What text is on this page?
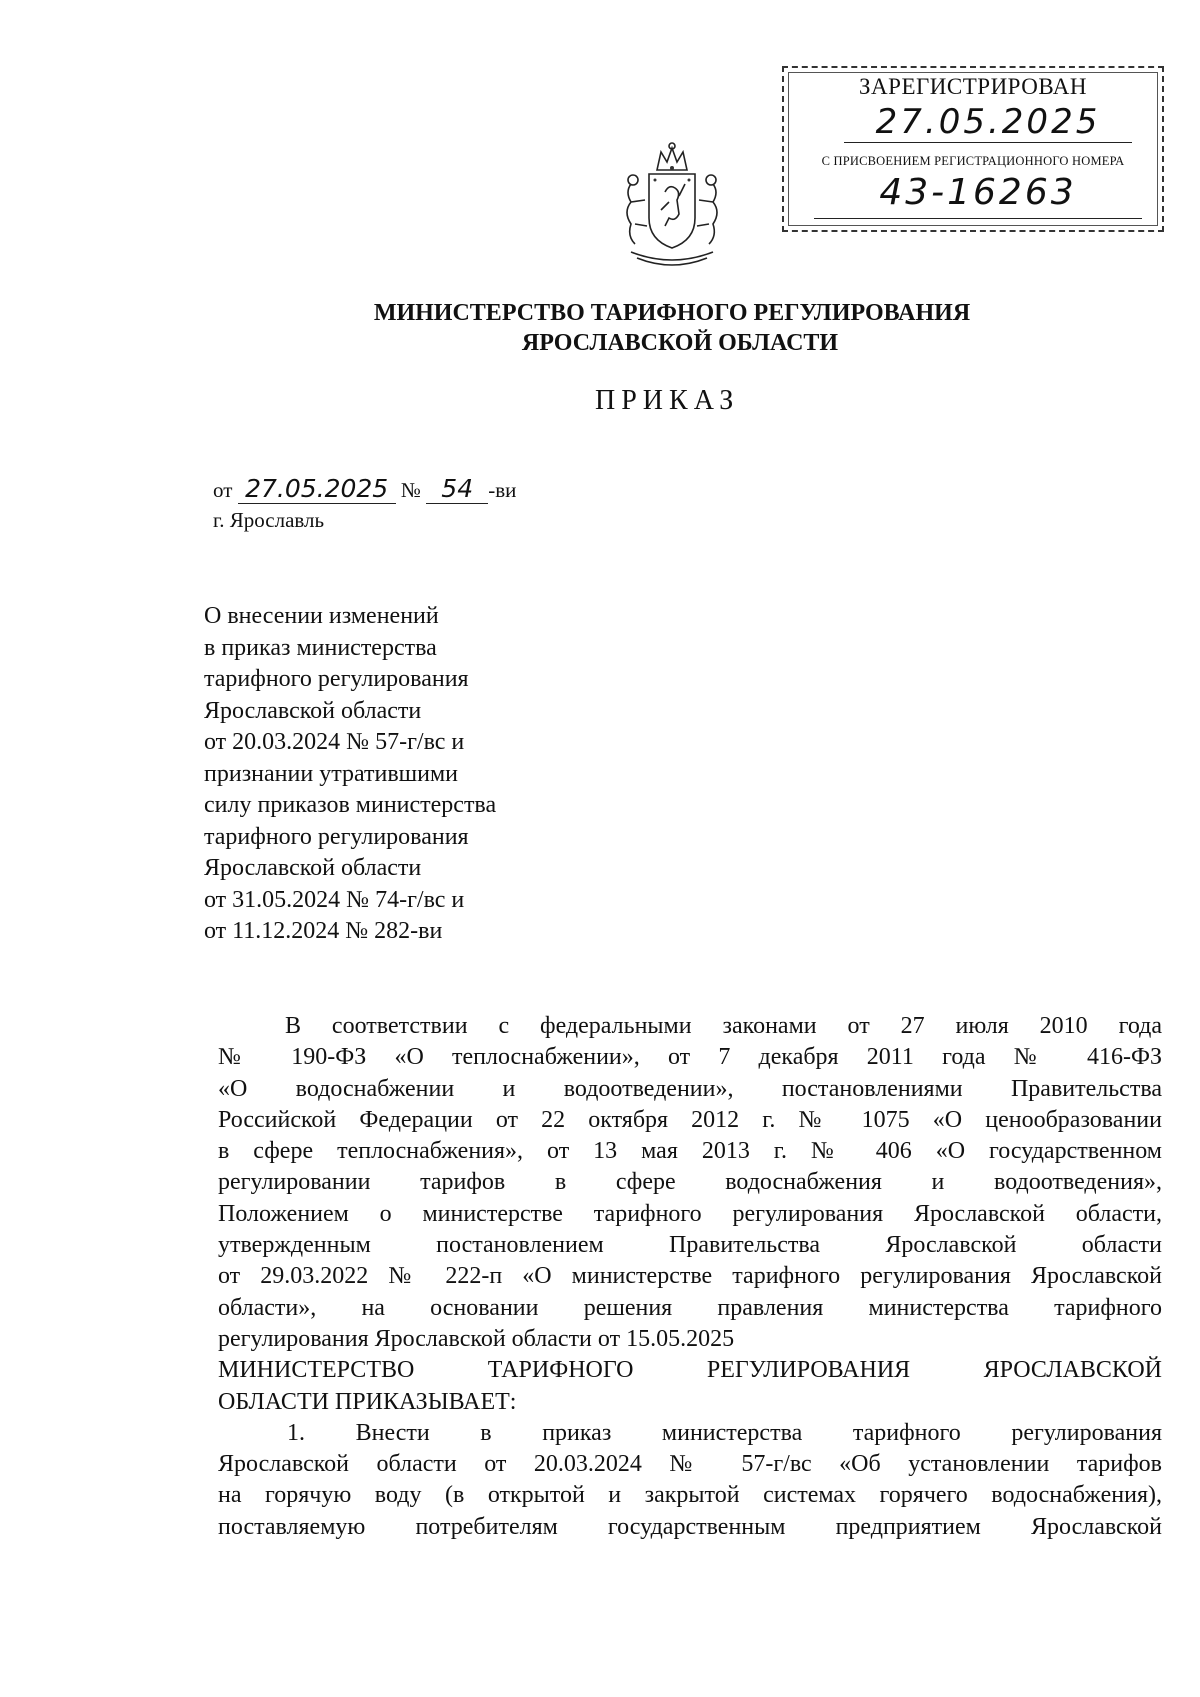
ЗАРЕГИСТРИРОВАН
27.05.2025
С ПРИСВОЕНИЕМ РЕГИСТРАЦИОННОГО НОМЕРА
43-16263
МИНИСТЕРСТВО ТАРИФНОГО РЕГУЛИРОВАНИЯ
ЯРОСЛАВСКОЙ ОБЛАСТИ
ПРИКАЗ
от 27.05.2025 № 54 -ви
г. Ярославль
О внесении изменений
в приказ министерства
тарифного регулирования
Ярославской области
от 20.03.2024 № 57-г/вс и
признании утратившими
силу приказов министерства
тарифного регулирования
Ярославской области
от 31.05.2024 № 74-г/вс и
от 11.12.2024 № 282-ви
В соответствии с федеральными законами от 27 июля 2010 года
№ 190-ФЗ «О теплоснабжении», от 7 декабря 2011 года № 416-ФЗ
«О водоснабжении и водоотведении», постановлениями Правительства
Российской Федерации от 22 октября 2012 г. № 1075 «О ценообразовании
в сфере теплоснабжения», от 13 мая 2013 г. № 406 «О государственном
регулировании тарифов в сфере водоснабжения и водоотведения»,
Положением о министерстве тарифного регулирования Ярославской области,
утвержденным постановлением Правительства Ярославской области
от 29.03.2022 № 222-п «О министерстве тарифного регулирования Ярославской
области», на основании решения правления министерства тарифного
регулирования Ярославской области от 15.05.2025
МИНИСТЕРСТВО ТАРИФНОГО РЕГУЛИРОВАНИЯ ЯРОСЛАВСКОЙ
ОБЛАСТИ ПРИКАЗЫВАЕТ:
1. Внести в приказ министерства тарифного регулирования
Ярославской области от 20.03.2024 № 57-г/вс «Об установлении тарифов
на горячую воду (в открытой и закрытой системах горячего водоснабжения),
поставляемую потребителям государственным предприятием Ярославской
